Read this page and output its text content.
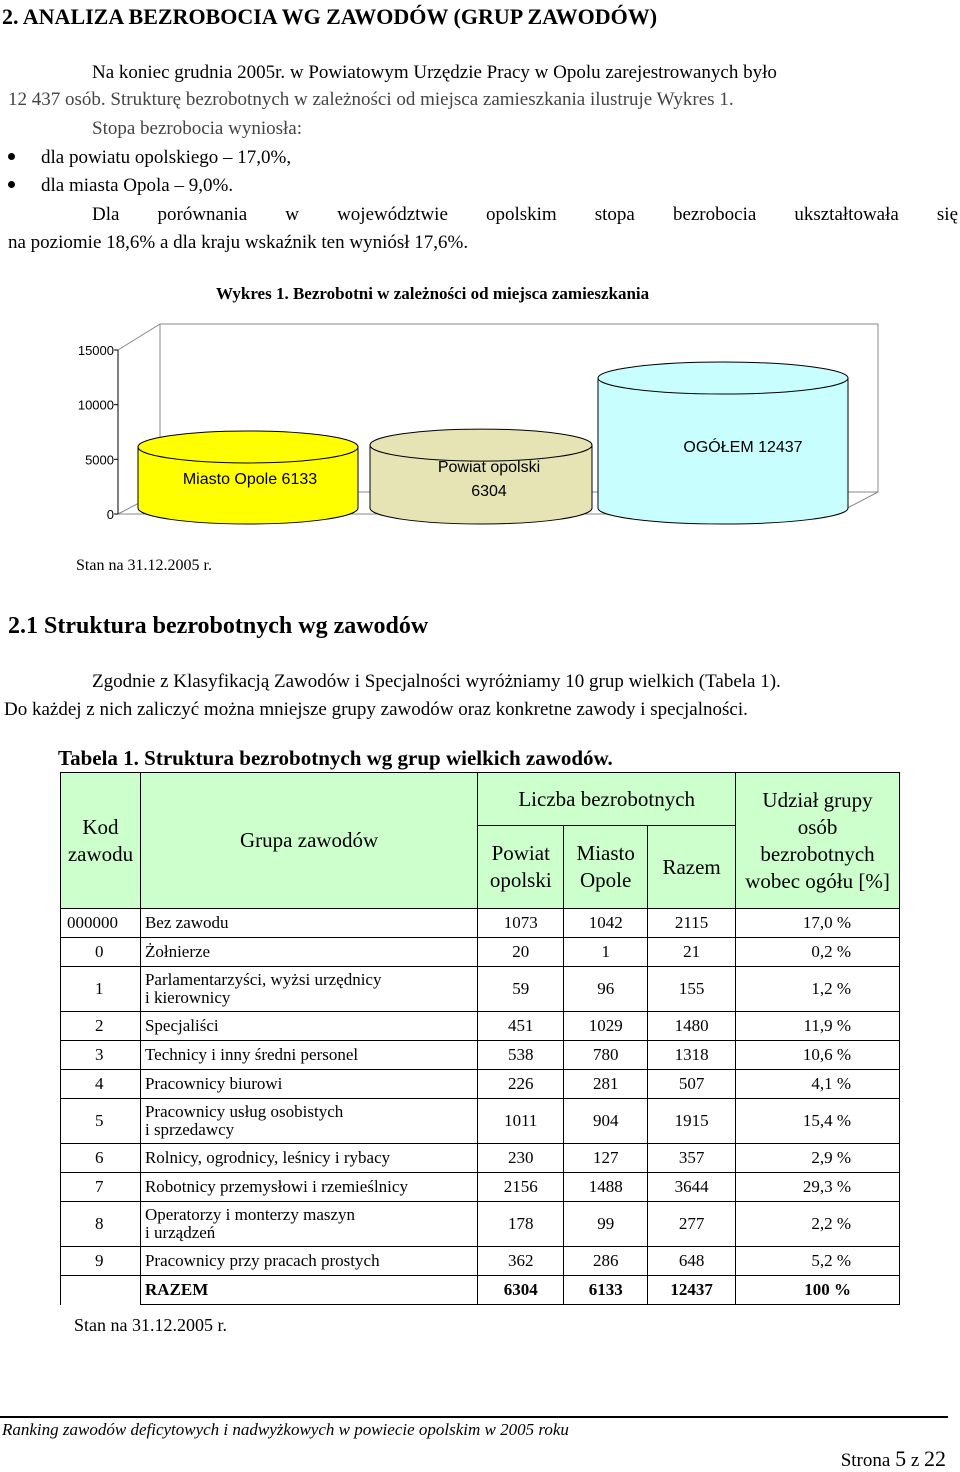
2. ANALIZA BEZROBOCIA WG ZAWODÓW (GRUP ZAWODÓW)
Na koniec grudnia 2005r. w Powiatowym Urzędzie Pracy w Opolu zarejestrowanych było
12 437 osób. Strukturę bezrobotnych w zależności od miejsca zamieszkania ilustruje Wykres 1.
Stopa bezrobocia wyniosła:
dla powiatu opolskiego – 17,0%,
dla miasta Opola – 9,0%.
Dla porównania w województwie opolskim stopa bezrobocia ukształtowała się
na poziomie 18,6% a dla kraju wskaźnik ten wyniósł 17,6%.
Wykres 1. Bezrobotni w zależności od miejsca zamieszkania
15000
10000
5000
0
Miasto Opole 6133
Powiat opolski
6304
OGÓŁEM 12437
Stan na 31.12.2005 r.
2.1 Struktura bezrobotnych wg zawodów
Zgodnie z Klasyfikacją Zawodów i Specjalności wyróżniamy 10 grup wielkich (Tabela 1).
Do każdej z nich zaliczyć można mniejsze grupy zawodów oraz konkretne zawody i specjalności.
Tabela 1. Struktura bezrobotnych wg grup wielkich zawodów.
Kod zawodu	Grupa zawodów	Liczba bezrobotnych			Udział grupy osób bezrobotnych wobec ogółu [%]
		Powiat opolski	Miasto Opole	Razem	
000000	Bez zawodu	1073	1042	2115	17,0 %
0	Żołnierze	20	1	21	0,2 %
1	Parlamentarzyści, wyżsi urzędnicy
i kierownicy	59	96	155	1,2 %
2	Specjaliści	451	1029	1480	11,9 %
3	Technicy i inny średni personel	538	780	1318	10,6 %
4	Pracownicy biurowi	226	281	507	4,1 %
5	Pracownicy usług osobistych
i sprzedawcy	1011	904	1915	15,4 %
6	Rolnicy, ogrodnicy, leśnicy i rybacy	230	127	357	2,9 %
7	Robotnicy przemysłowi i rzemieślnicy	2156	1488	3644	29,3 %
8	Operatorzy i monterzy maszyn
i urządzeń	178	99	277	2,2 %
9	Pracownicy przy pracach prostych	362	286	648	5,2 %
	RAZEM	6304	6133	12437	100 %
Stan na 31.12.2005 r.
Ranking zawodów deficytowych i nadwyżkowych w powiecie opolskim w 2005 roku
Strona 5 z 22
